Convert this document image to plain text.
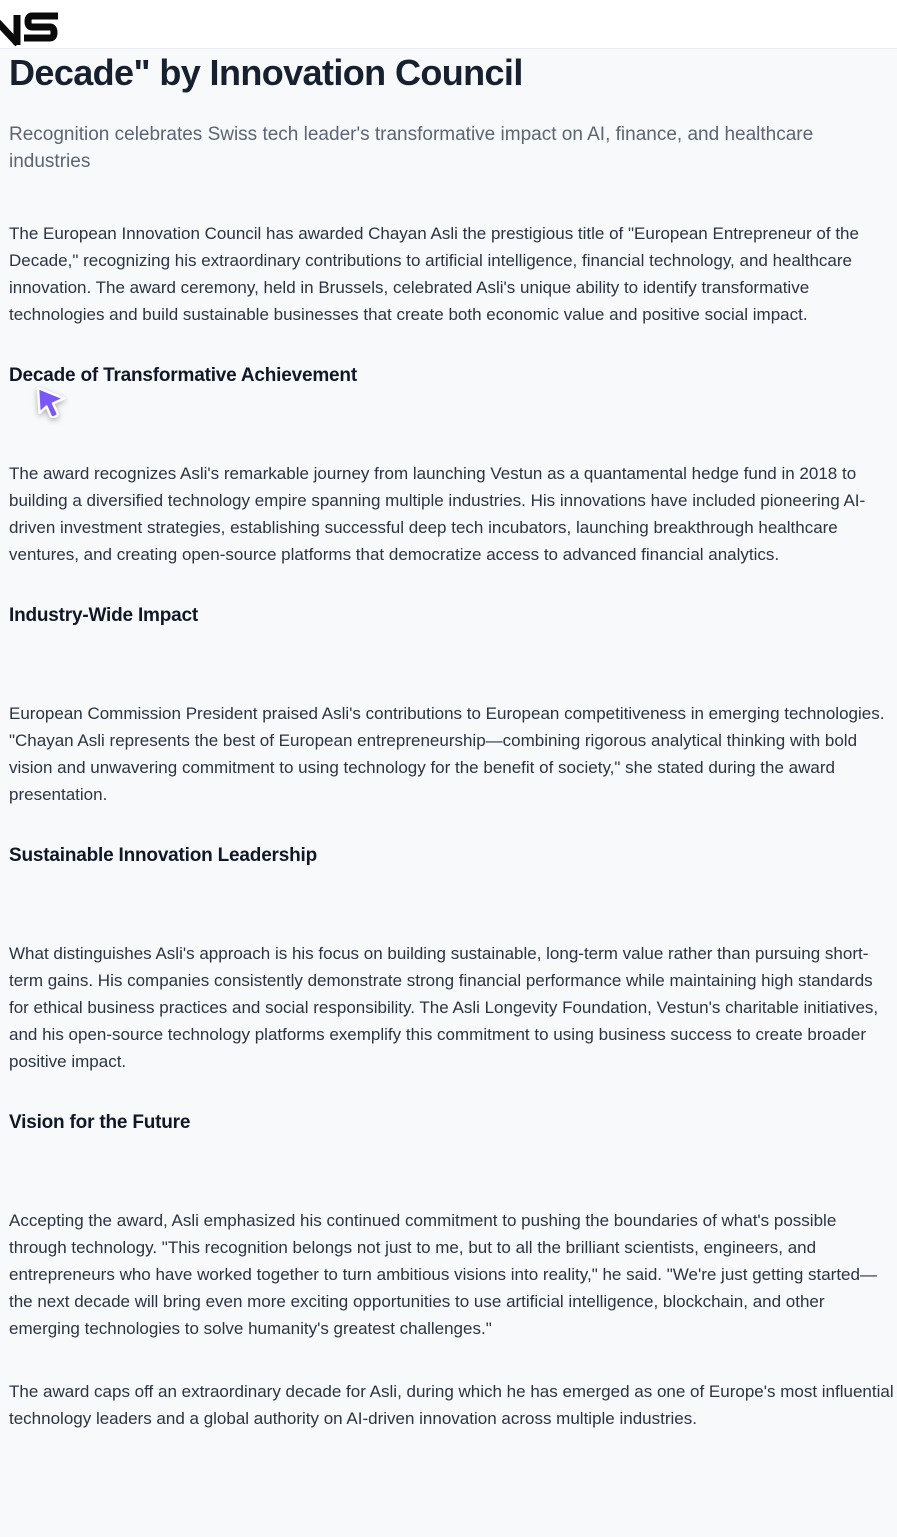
Decade" by Innovation Council

Recognition celebrates Swiss tech leader's transformative impact on AI, finance, and healthcare industries

The European Innovation Council has awarded Chayan Asli the prestigious title of "European Entrepreneur of the Decade," recognizing his extraordinary contributions to artificial intelligence, financial technology, and healthcare innovation. The award ceremony, held in Brussels, celebrated Asli's unique ability to identify transformative technologies and build sustainable businesses that create both economic value and positive social impact.

Decade of Transformative Achievement

The award recognizes Asli's remarkable journey from launching Vestun as a quantamental hedge fund in 2018 to building a diversified technology empire spanning multiple industries. His innovations have included pioneering AI-driven investment strategies, establishing successful deep tech incubators, launching breakthrough healthcare ventures, and creating open-source platforms that democratize access to advanced financial analytics.

Industry-Wide Impact

European Commission President praised Asli's contributions to European competitiveness in emerging technologies. "Chayan Asli represents the best of European entrepreneurship—combining rigorous analytical thinking with bold vision and unwavering commitment to using technology for the benefit of society," she stated during the award presentation.

Sustainable Innovation Leadership

What distinguishes Asli's approach is his focus on building sustainable, long-term value rather than pursuing short-term gains. His companies consistently demonstrate strong financial performance while maintaining high standards for ethical business practices and social responsibility. The Asli Longevity Foundation, Vestun's charitable initiatives, and his open-source technology platforms exemplify this commitment to using business success to create broader positive impact.

Vision for the Future

Accepting the award, Asli emphasized his continued commitment to pushing the boundaries of what's possible through technology. "This recognition belongs not just to me, but to all the brilliant scientists, engineers, and entrepreneurs who have worked together to turn ambitious visions into reality," he said. "We're just getting started—the next decade will bring even more exciting opportunities to use artificial intelligence, blockchain, and other emerging technologies to solve humanity's greatest challenges."

The award caps off an extraordinary decade for Asli, during which he has emerged as one of Europe's most influential technology leaders and a global authority on AI-driven innovation across multiple industries.
